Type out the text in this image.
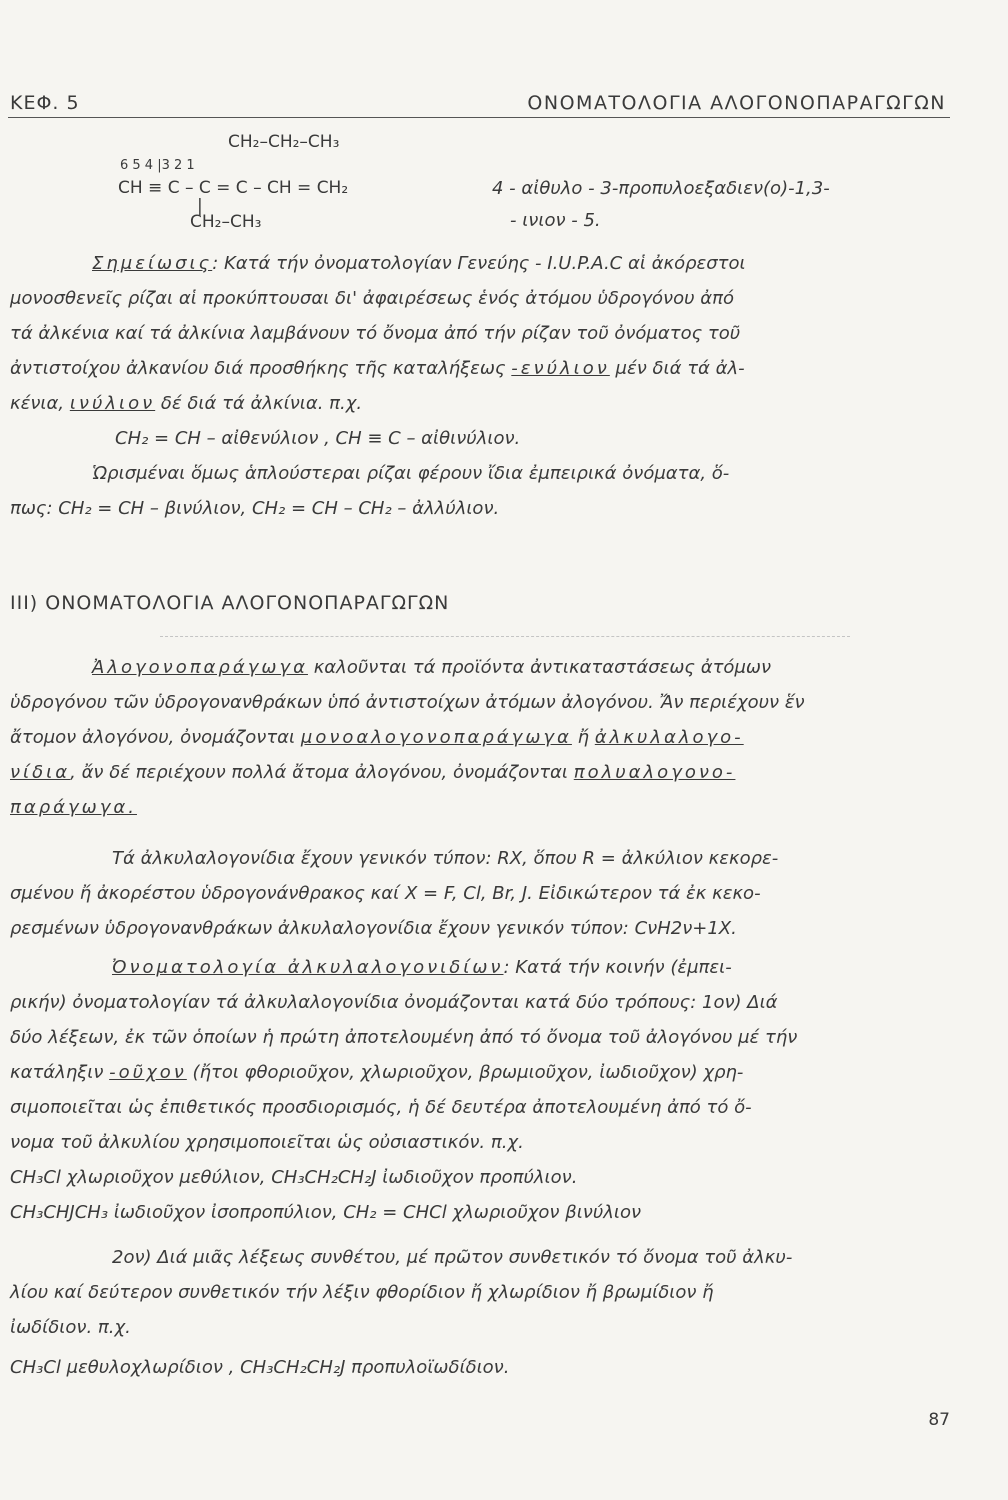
ΚΕΦ. 5	ΟΝΟΜΑΤΟΛΟΓΙΑ ΑΛΟΓΟΝΟΠΑΡΑΓΩΓΩΝ
CH₂–CH₂–CH₃
6 5 4 |3 2 1
CH ≡ C – C = C – CH = CH₂
|
CH₂–CH₃
4 - αἰθυλο - 3-προπυλοεξαδιεν(ο)-1,3-
- ινιον - 5.
Σημείωσις: Κατά τήν ὀνοματολογίαν Γενεύης - I.U.P.A.C αἱ ἀκόρεστοι
μονοσθενεῖς ρίζαι αἱ προκύπτουσαι δι' ἀφαιρέσεως ἑνός ἀτόμου ὑδρογόνου ἀπό
τά ἀλκένια καί τά ἀλκίνια λαμβάνουν τό ὄνομα ἀπό τήν ρίζαν τοῦ ὀνόματος τοῦ
ἀντιστοίχου ἀλκανίου διά προσθήκης τῆς καταλήξεως -ενύλιον μέν διά τά ἀλ-
κένια, ινύλιον δέ διά τά ἀλκίνια. π.χ.
CH₂ = CH – αἰθενύλιον , CH ≡ C – αἰθινύλιον.
Ὡρισμέναι ὅμως ἁπλούστεραι ρίζαι φέρουν ἴδια ἐμπειρικά ὀνόματα, ὅ-
πως: CH₂ = CH – βινύλιον, CH₂ = CH – CH₂ – ἀλλύλιον.
III) ΟΝΟΜΑΤΟΛΟΓΙΑ ΑΛΟΓΟΝΟΠΑΡΑΓΩΓΩΝ
Ἀλογονοπαράγωγα καλοῦνται τά προϊόντα ἀντικαταστάσεως ἀτόμων
ὑδρογόνου τῶν ὑδρογονανθράκων ὑπό ἀντιστοίχων ἀτόμων ἀλογόνου. Ἄν περιέχουν ἕν
ἄτομον ἀλογόνου, ὀνομάζονται μονοαλογονοπαράγωγα ἤ ἀλκυλαλογο-
νίδια, ἄν δέ περιέχουν πολλά ἄτομα ἀλογόνου, ὀνομάζονται πολυαλογονο-
παράγωγα.
Τά ἀλκυλαλογονίδια ἔχουν γενικόν τύπον: RX, ὅπου R = ἀλκύλιον κεκορε-
σμένου ἤ ἀκορέστου ὑδρογονάνθρακος καί X = F, Cl, Br, J. Εἰδικώτερον τά ἐκ κεκο-
ρεσμένων ὑδρογονανθράκων ἀλκυλαλογονίδια ἔχουν γενικόν τύπον: CνH2ν+1X.
Ὀνοματολογία ἀλκυλαλογονιδίων: Κατά τήν κοινήν (ἐμπει-
ρικήν) ὀνοματολογίαν τά ἀλκυλαλογονίδια ὀνομάζονται κατά δύο τρόπους: 1ον) Διά
δύο λέξεων, ἐκ τῶν ὁποίων ἡ πρώτη ἀποτελουμένη ἀπό τό ὄνομα τοῦ ἀλογόνου μέ τήν
κατάληξιν -οῦχον (ἤτοι φθοριοῦχον, χλωριοῦχον, βρωμιοῦχον, ἰωδιοῦχον) χρη-
σιμοποιεῖται ὡς ἐπιθετικός προσδιορισμός, ἡ δέ δευτέρα ἀποτελουμένη ἀπό τό ὄ-
νομα τοῦ ἀλκυλίου χρησιμοποιεῖται ὡς οὐσιαστικόν. π.χ.
CH₃Cl χλωριοῦχον μεθύλιον, CH₃CH₂CH₂J ἰωδιοῦχον προπύλιον.
CH₃CHJCH₃ ἰωδιοῦχον ἰσοπροπύλιον, CH₂ = CHCl χλωριοῦχον βινύλιον
2ον) Διά μιᾶς λέξεως συνθέτου, μέ πρῶτον συνθετικόν τό ὄνομα τοῦ ἀλκυ-
λίου καί δεύτερον συνθετικόν τήν λέξιν φθορίδιον ἤ χλωρίδιον ἤ βρωμίδιον ἤ
ἰωδίδιον. π.χ.
CH₃Cl μεθυλοχλωρίδιον , CH₃CH₂CH₂J προπυλοϊωδίδιον.
87
